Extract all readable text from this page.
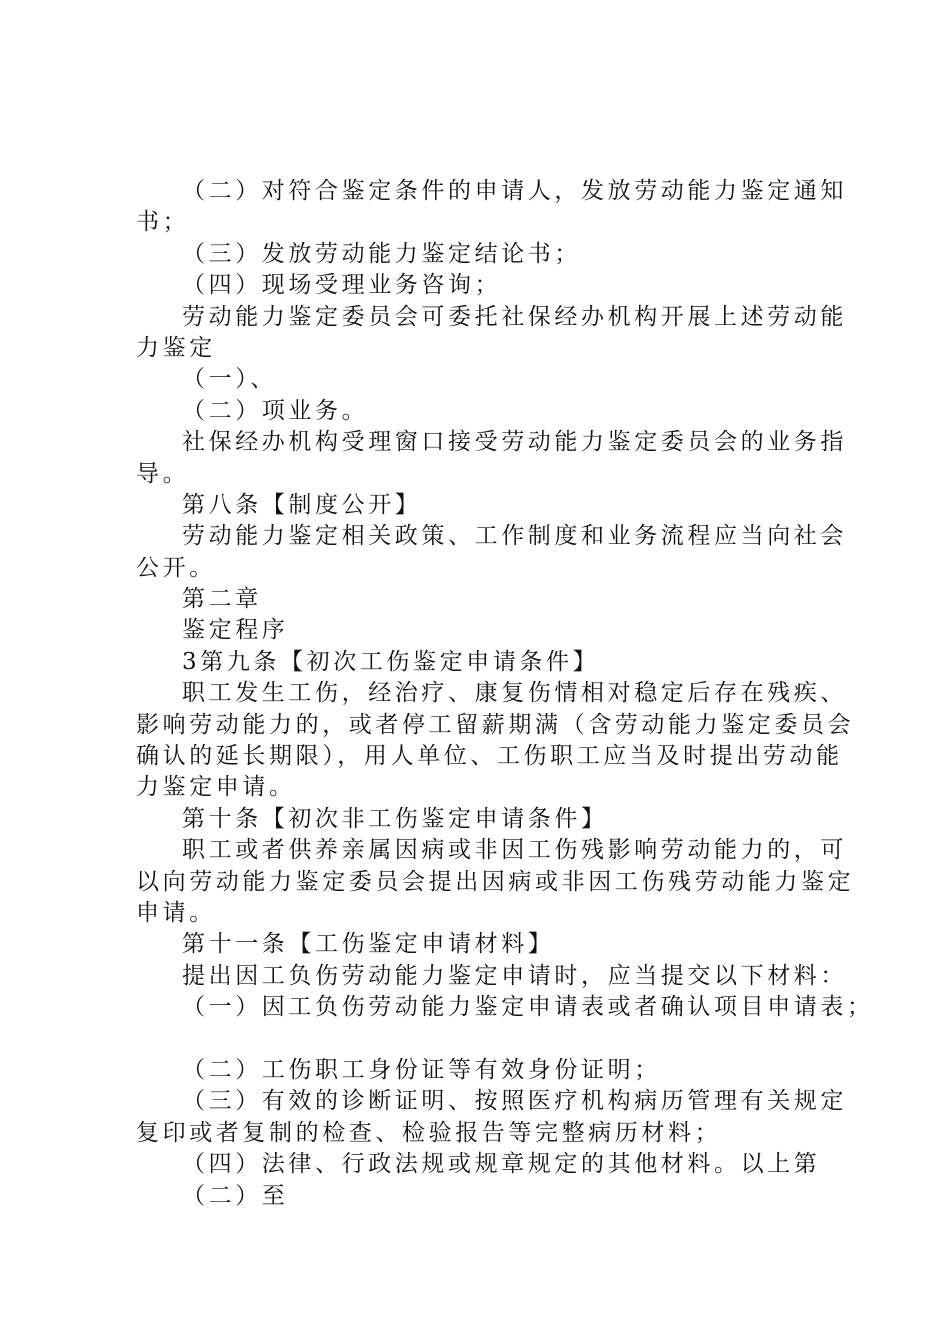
（二）对符合鉴定条件的申请人，发放劳动能力鉴定通知
书；
（三）发放劳动能力鉴定结论书；
（四）现场受理业务咨询；
劳动能力鉴定委员会可委托社保经办机构开展上述劳动能
力鉴定
（一）、
（二）项业务。
社保经办机构受理窗口接受劳动能力鉴定委员会的业务指
导。
第八条【制度公开】
劳动能力鉴定相关政策、工作制度和业务流程应当向社会
公开。
第二章
鉴定程序
3第九条【初次工伤鉴定申请条件】
职工发生工伤，经治疗、康复伤情相对稳定后存在残疾、
影响劳动能力的，或者停工留薪期满（含劳动能力鉴定委员会
确认的延长期限），用人单位、工伤职工应当及时提出劳动能
力鉴定申请。
第十条【初次非工伤鉴定申请条件】
职工或者供养亲属因病或非因工伤残影响劳动能力的，可
以向劳动能力鉴定委员会提出因病或非因工伤残劳动能力鉴定
申请。
第十一条【工伤鉴定申请材料】
提出因工负伤劳动能力鉴定申请时，应当提交以下材料：
（一）因工负伤劳动能力鉴定申请表或者确认项目申请表；
（二）工伤职工身份证等有效身份证明；
（三）有效的诊断证明、按照医疗机构病历管理有关规定
复印或者复制的检查、检验报告等完整病历材料；
（四）法律、行政法规或规章规定的其他材料。以上第
（二）至
